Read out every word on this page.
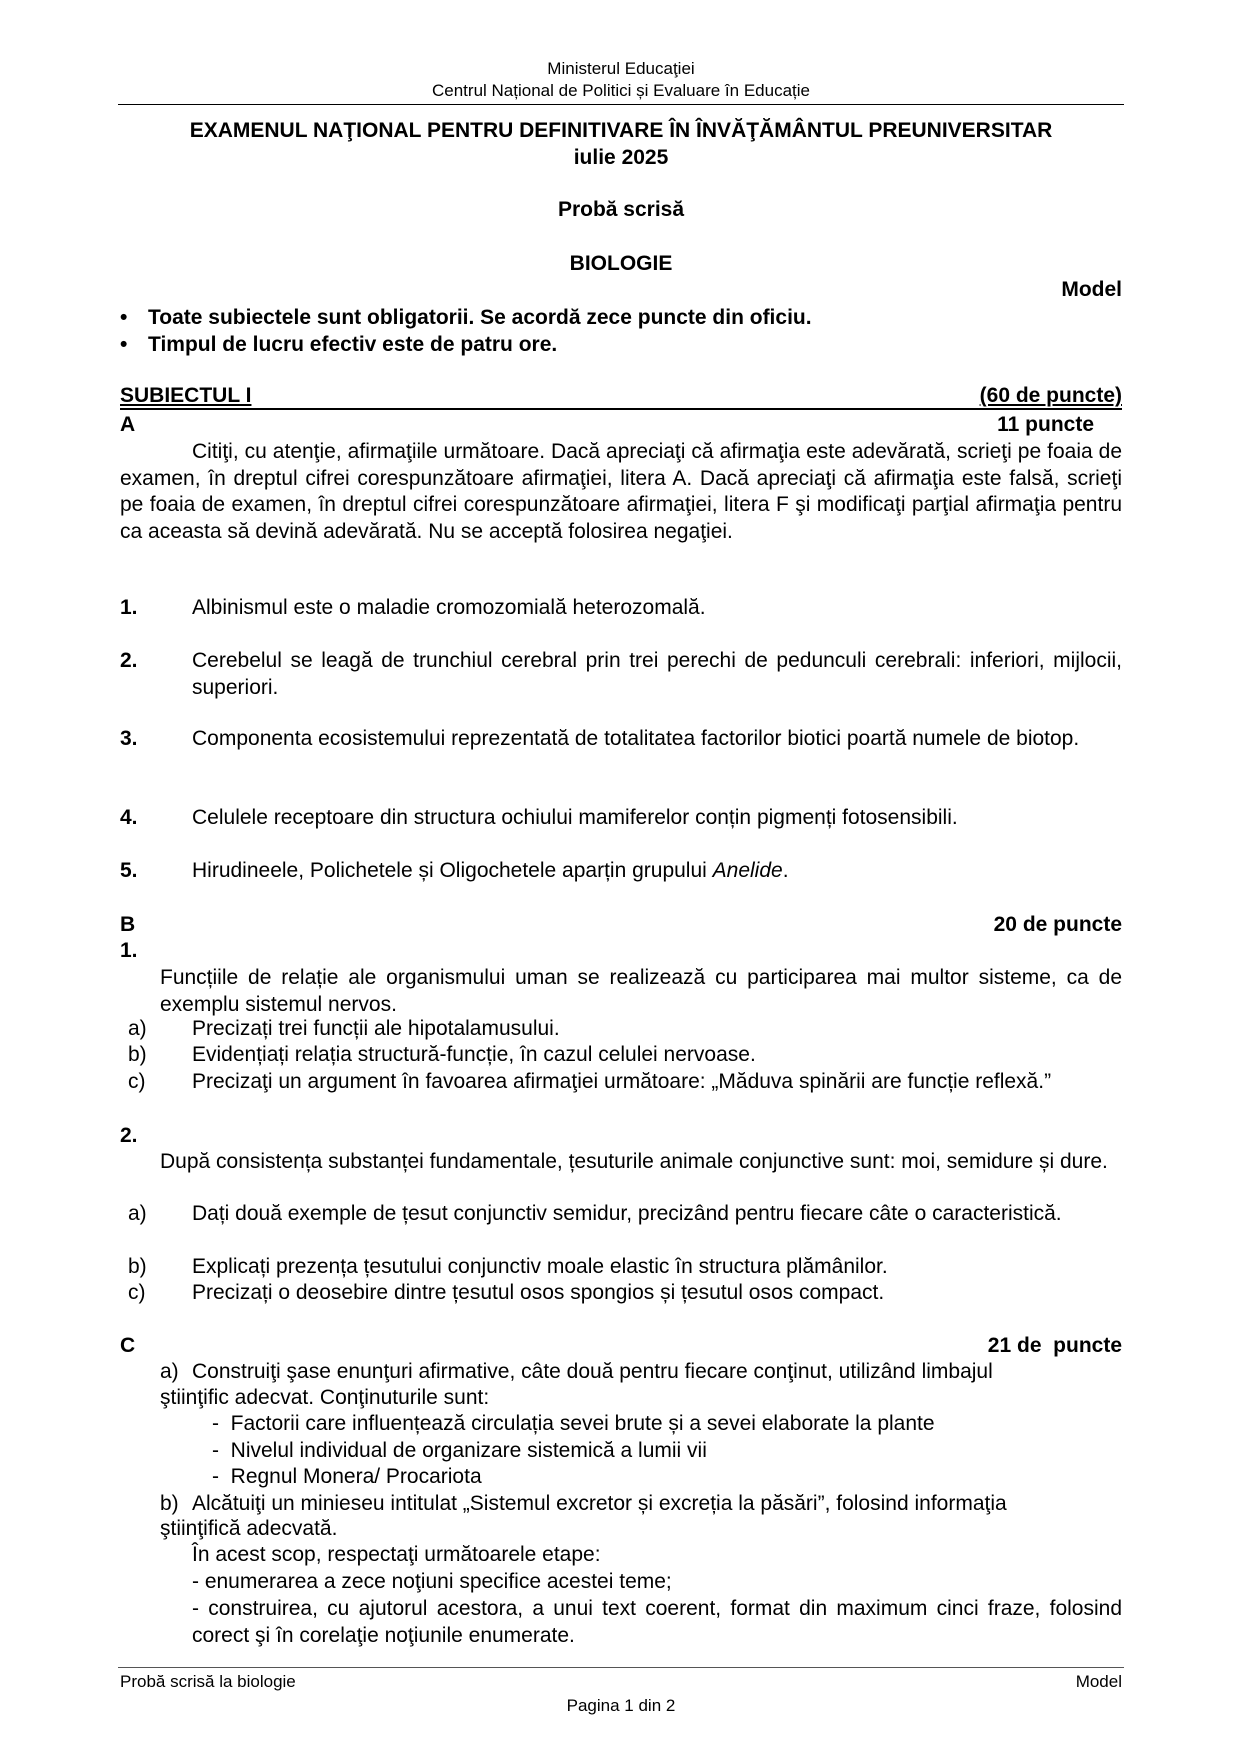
Ministerul Educaţiei
Centrul Național de Politici și Evaluare în Educație
EXAMENUL NAŢIONAL PENTRU DEFINITIVARE ÎN ÎNVĂŢĂMÂNTUL PREUNIVERSITAR
iulie 2025
Probă scrisă
BIOLOGIE
Model
• Toate subiectele sunt obligatorii. Se acordă zece puncte din oficiu.
• Timpul de lucru efectiv este de patru ore.
SUBIECTUL I	(60 de puncte)
A	11 puncte
Citiţi, cu atenţie, afirmaţiile următoare. Dacă apreciaţi că afirmaţia este adevărată, scrieţi pe foaia de examen, în dreptul cifrei corespunzătoare afirmaţiei, litera A. Dacă apreciaţi că afirmaţia este falsă, scrieţi pe foaia de examen, în dreptul cifrei corespunzătoare afirmaţiei, litera F şi modificaţi parţial afirmaţia pentru ca aceasta să devină adevărată. Nu se acceptă folosirea negaţiei.
1.	Albinismul este o maladie cromozomială heterozomală.
2.	Cerebelul se leagă de trunchiul cerebral prin trei perechi de pedunculi cerebrali: inferiori, mijlocii, superiori.
3.	Componenta ecosistemului reprezentată de totalitatea factorilor biotici poartă numele de biotop.
4.	Celulele receptoare din structura ochiului mamiferelor conțin pigmenți fotosensibili.
5.	Hirudineele, Polichetele și Oligochetele aparțin grupului Anelide.
B	20 de puncte
1.
Funcțiile de relație ale organismului uman se realizează cu participarea mai multor sisteme, ca de exemplu sistemul nervos.
a) Precizați trei funcții ale hipotalamusului.
b) Evidențiați relația structură-funcție, în cazul celulei nervoase.
c) Precizaţi un argument în favoarea afirmaţiei următoare: „Măduva spinării are funcție reflexă.”
2.
După consistența substanței fundamentale, țesuturile animale conjunctive sunt: moi, semidure și dure.
a) Dați două exemple de țesut conjunctiv semidur, precizând pentru fiecare câte o caracteristică.
b) Explicați prezența țesutului conjunctiv moale elastic în structura plămânilor.
c) Precizați o deosebire dintre țesutul osos spongios și țesutul osos compact.
C	21 de  puncte
a) Construiţi şase enunţuri afirmative, câte două pentru fiecare conţinut, utilizând limbajul
ştiinţific adecvat. Conţinuturile sunt:
-  Factorii care influențează circulația sevei brute și a sevei elaborate la plante
-  Nivelul individual de organizare sistemică a lumii vii
-  Regnul Monera/ Procariota
b) Alcătuiţi un minieseu intitulat „Sistemul excretor și excreția la păsări”, folosind informaţia
ştiinţifică adecvată.
În acest scop, respectaţi următoarele etape:
- enumerarea a zece noţiuni specifice acestei teme;
- construirea, cu ajutorul acestora, a unui text coerent, format din maximum cinci fraze, folosind corect şi în corelaţie noţiunile enumerate.
Probă scrisă la biologie	Model
Pagina 1 din 2
